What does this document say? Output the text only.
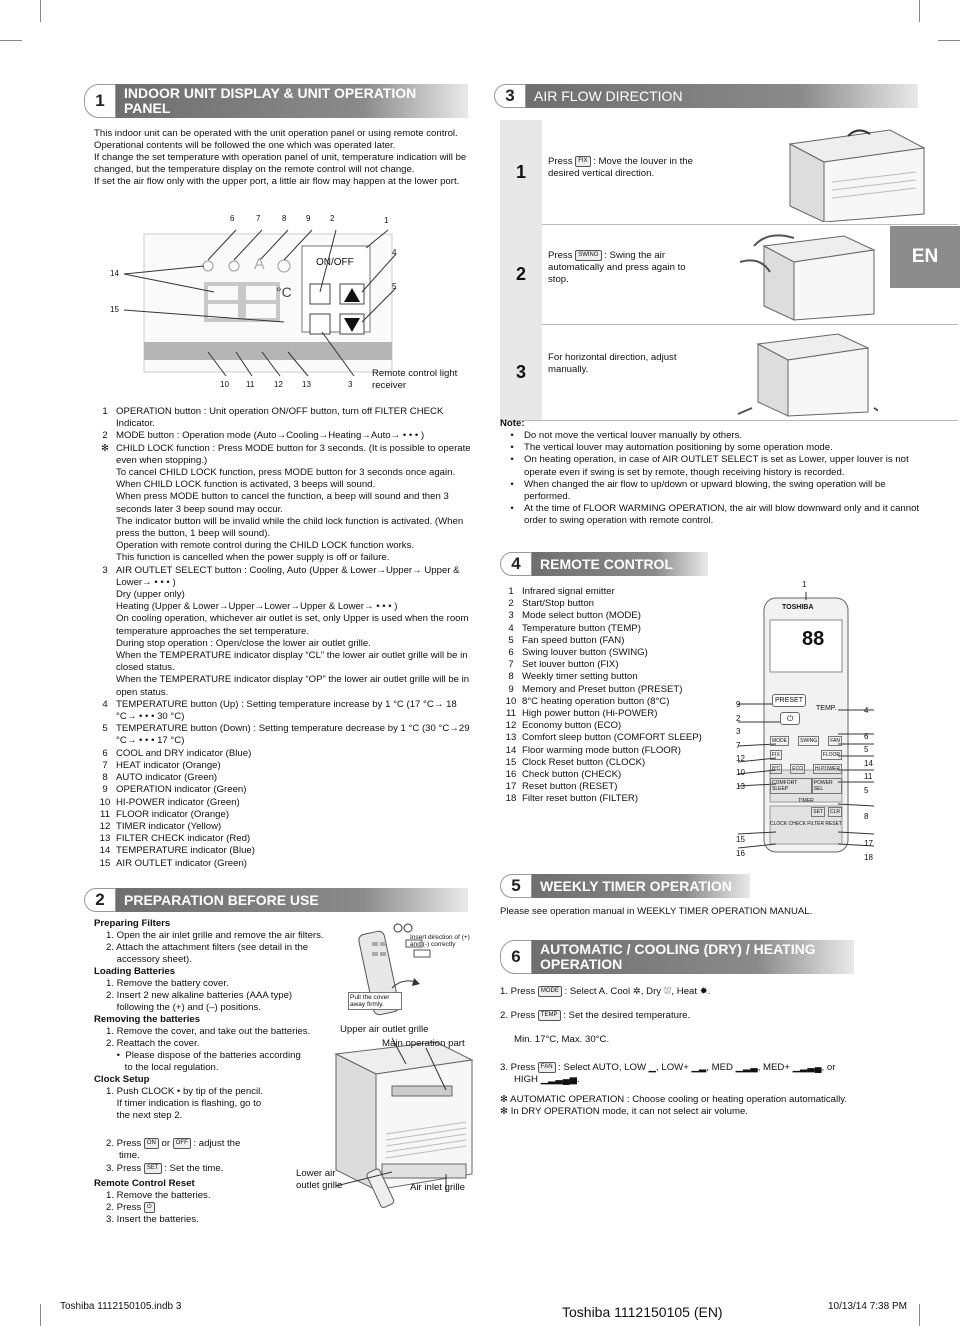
1	INDOOR UNIT DISPLAY & UNIT OPERATION PANEL
This indoor unit can be operated with the unit operation panel or using remote control.
Operational contents will be followed the one which was operated later.
If change the set temperature with operation panel of unit, temperature indication will be changed, but the temperature display on the remote control will not change.
If set the air flow only with the upper port, a little air flow may happen at the lower port.
ON/OFF
A
°C
6	7	8 9 2	1
14
15
4
5
10 11 12 13	3
Remote control light receiver
1 OPERATION button : Unit operation ON/OFF button, turn off FILTER CHECK Indicator.
2 MODE button : Operation mode (Auto→Cooling→Heating→Auto→ • • • )
✻ CHILD LOCK function : Press MODE button for 3 seconds. (It is possible to operate even when stopping.)
To cancel CHILD LOCK function, press MODE button for 3 seconds once again.
When CHILD LOCK function is activated, 3 beeps will sound.
When press MODE button to cancel the function, a beep will sound and then 3 seconds later 3 beep sound may occur.
The indicator button will be invalid while the child lock function is activated. (When press the button, 1 beep will sound).
Operation with remote control during the CHILD LOCK function works.
This function is cancelled when the power supply is off or failure.
3 AIR OUTLET SELECT button : Cooling, Auto (Upper & Lower→Upper→ Upper & Lower→ • • • )
Dry (upper only)
Heating (Upper & Lower→Upper→Lower→Upper & Lower→ • • • )
On cooling operation, whichever air outlet is set, only Upper is used when the room temperature approaches the set temperature.
During stop operation : Open/close the lower air outlet grille.
When the TEMPERATURE indicator display “CL” the lower air outlet grille will be in closed status.
When the TEMPERATURE indicator display “OP” the lower air outlet grille will be in open status.
4 TEMPERATURE button (Up) : Setting temperature increase by 1 °C (17 °C→ 18 °C→ • • • 30 °C)
5 TEMPERATURE button (Down) : Setting temperature decrease by 1 °C (30 °C→29 °C→ • • • 17 °C)
6 COOL and DRY indicator (Blue)
7 HEAT indicator (Orange)
8 AUTO indicator (Green)
9 OPERATION indicator (Green)
10 HI-POWER indicator (Green)
11 FLOOR indicator (Orange)
12 TIMER indicator (Yellow)
13 FILTER CHECK indicator (Red)
14 TEMPERATURE indicator (Blue)
15 AIR OUTLET indicator (Green)
2	PREPARATION BEFORE USE
Preparing Filters
1. Open the air inlet grille and remove the air filters.
2. Attach the attachment filters (see detail in the
accessory sheet).
Loading Batteries
1. Remove the battery cover.
2. Insert 2 new alkaline batteries (AAA type)
following the (+) and (–) positions.
Removing the batteries
1. Remove the cover, and take out the batteries.
2. Reattach the cover.
•  Please dispose of the batteries according
to the local regulation.
Clock Setup
1. Push CLOCK • by tip of the pencil.
If timer indication is flashing, go to
the next step 2.
2. Press ON or OFF : adjust the
time.
3. Press SET : Set the time.
Remote Control Reset
1. Remove the batteries.
2. Press ⏻
3. Insert the batteries.
Insert direction of (+) and (-) correctly
Pull the cover away firmly.
Upper air outlet grille
Main operation part
Lower air outlet grille	Air inlet grille
3	AIR FLOW DIRECTION
EN
1	Press FIX : Move the louver in the desired vertical direction.
2
Press SWING : Swing the air automatically and press again to stop.
3
For horizontal direction, adjust manually.
Note:
•	Do not move the vertical louver manually by others.
•	The vertical louver may automation positioning by some operation mode.
•	On heating operation, in case of AIR OUTLET SELECT is set as Lower, upper louver is not operate even if swing is set by remote, though receiving history is recorded.
•	When changed the air flow to up/down or upward blowing, the swing operation will be performed.
•	At the time of FLOOR WARMING OPERATION, the air will blow downward only and it cannot order to swing operation with remote control.
4	REMOTE CONTROL
1 Infrared signal emitter
2 Start/Stop button
3 Mode select button (MODE)
4 Temperature button (TEMP)
5 Fan speed button (FAN)
6 Swing louver button (SWING)
7 Set louver button (FIX)
8 Weekly timer setting button
9 Memory and Preset button (PRESET)
10 8°C heating operation button (8°C)
11 High power button (Hi-POWER)
12 Economy button (ECO)
13 Comfort sleep button (COMFORT SLEEP)
14 Floor warming mode button (FLOOR)
15 Clock Reset button (CLOCK)
16 Check button (CHECK)
17 Reset button (RESET)
18 Filter reset button (FILTER)
TOSHIBA
88
PRESET
⏻
TEMP.
MODE	SWING	FAN
FIX	FLOOR
8°C	ECO	Hi POWER
COMFORT SLEEP
POWER SEL
TIMER
SET	CLR
CLOCK CHECK FILTER RESET
1
9
2
3
7
12
10
13
15
16
4
6
5
14
11
5
8
17
18
5	WEEKLY TIMER OPERATION
Please see operation manual in WEEKLY TIMER OPERATION MANUAL.
6	AUTOMATIC / COOLING (DRY) / HEATING OPERATION
1. Press MODE : Select A. Cool ✲, Dry ⛆, Heat ✹.
2. Press TEMP : Set the desired temperature.
Min. 17°C, Max. 30°C.
3. Press FAN : Select AUTO, LOW ▁, LOW+ ▁▂, MED ▁▂▃, MED+ ▁▂▃▄, or
HIGH ▁▂▃▄▅.
✻ AUTOMATIC OPERATION : Choose cooling or heating operation automatically.
✻ In DRY OPERATION mode, it can not select air volume.
Toshiba 1112150105.indb 3	Toshiba 1112150105 (EN)	10/13/14 7:38 PM
